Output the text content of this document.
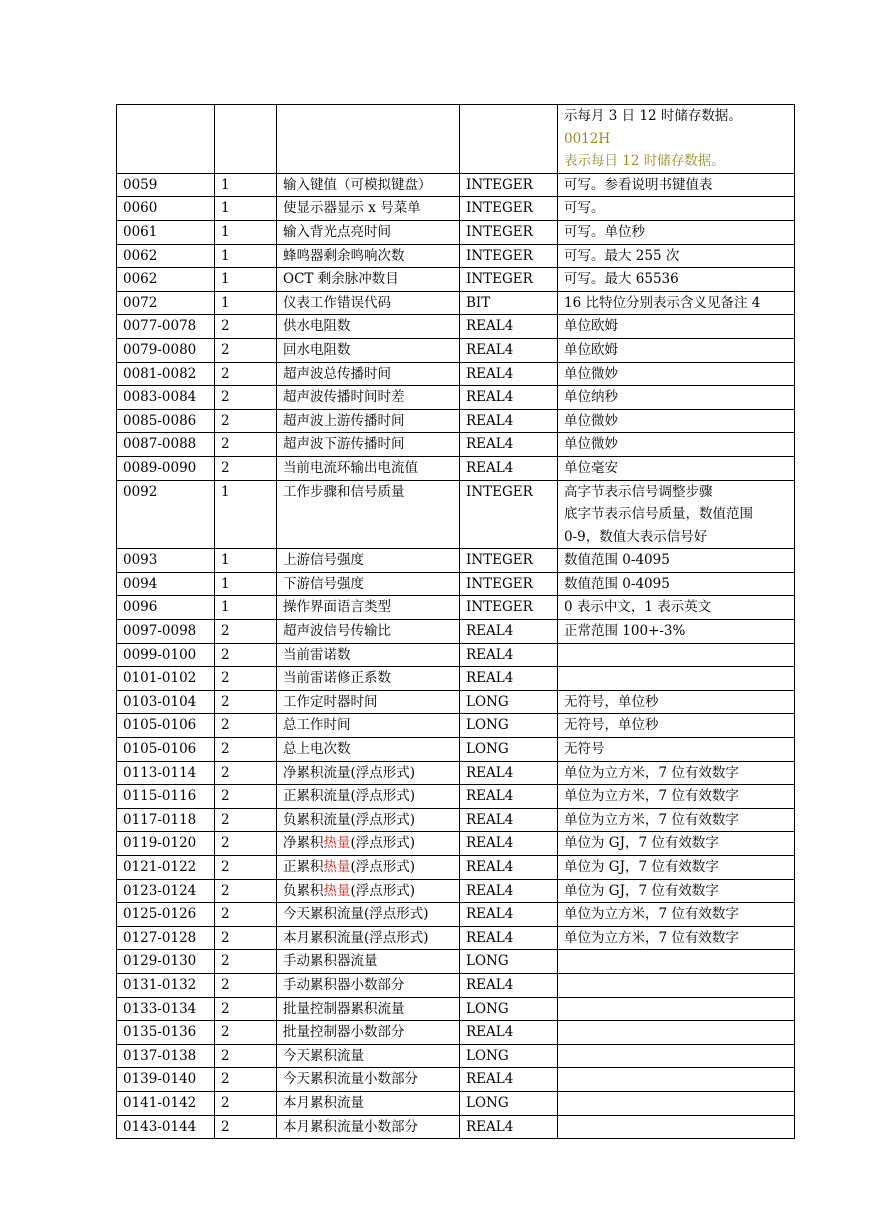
				示每月 3 日 12 时储存数据。0012H
表示每日 12 时储存数据。

0059	1	输入键值（可模拟键盘）	INTEGER	可写。参看说明书键值表
0060	1	使显示器显示 x 号菜单	INTEGER	可写。
0061	1	输入背光点亮时间	INTEGER	可写。单位秒
0062	1	蜂鸣器剩余鸣响次数	INTEGER	可写。最大 255 次
0062	1	OCT 剩余脉冲数目	INTEGER	可写。最大 65536
0072	1	仪表工作错误代码	BIT	16 比特位分别表示含义见备注 4
0077-0078	2	供水电阻数	REAL4	单位欧姆
0079-0080	2	回水电阻数	REAL4	单位欧姆
0081-0082	2	超声波总传播时间	REAL4	单位微妙
0083-0084	2	超声波传播时间时差	REAL4	单位纳秒
0085-0086	2	超声波上游传播时间	REAL4	单位微妙
0087-0088	2	超声波下游传播时间	REAL4	单位微妙
0089-0090	2	当前电流环输出电流值	REAL4	单位毫安
0092	1	工作步骤和信号质量	INTEGER	高字节表示信号调整步骤
底字节表示信号质量，数值范围
0-9，数值大表示信号好

0093	1	上游信号强度	INTEGER	数值范围 0-4095
0094	1	下游信号强度	INTEGER	数值范围 0-4095
0096	1	操作界面语言类型	INTEGER	0 表示中文，1 表示英文
0097-0098	2	超声波信号传输比	REAL4	正常范围 100+-3%
0099-0100	2	当前雷诺数	REAL4	
0101-0102	2	当前雷诺修正系数	REAL4	
0103-0104	2	工作定时器时间	LONG	无符号，单位秒
0105-0106	2	总工作时间	LONG	无符号，单位秒
0105-0106	2	总上电次数	LONG	无符号
0113-0114	2	净累积流量(浮点形式)	REAL4	单位为立方米，7 位有效数字
0115-0116	2	正累积流量(浮点形式)	REAL4	单位为立方米，7 位有效数字
0117-0118	2	负累积流量(浮点形式)	REAL4	单位为立方米，7 位有效数字
0119-0120	2	净累积热量(浮点形式)	REAL4	单位为 GJ，7 位有效数字
0121-0122	2	正累积热量(浮点形式)	REAL4	单位为 GJ，7 位有效数字
0123-0124	2	负累积热量(浮点形式)	REAL4	单位为 GJ，7 位有效数字
0125-0126	2	今天累积流量(浮点形式)	REAL4	单位为立方米，7 位有效数字
0127-0128	2	本月累积流量(浮点形式)	REAL4	单位为立方米，7 位有效数字
0129-0130	2	手动累积器流量	LONG	
0131-0132	2	手动累积器小数部分	REAL4	
0133-0134	2	批量控制器累积流量	LONG	
0135-0136	2	批量控制器小数部分	REAL4	
0137-0138	2	今天累积流量	LONG	
0139-0140	2	今天累积流量小数部分	REAL4	
0141-0142	2	本月累积流量	LONG	
0143-0144	2	本月累积流量小数部分	REAL4	
